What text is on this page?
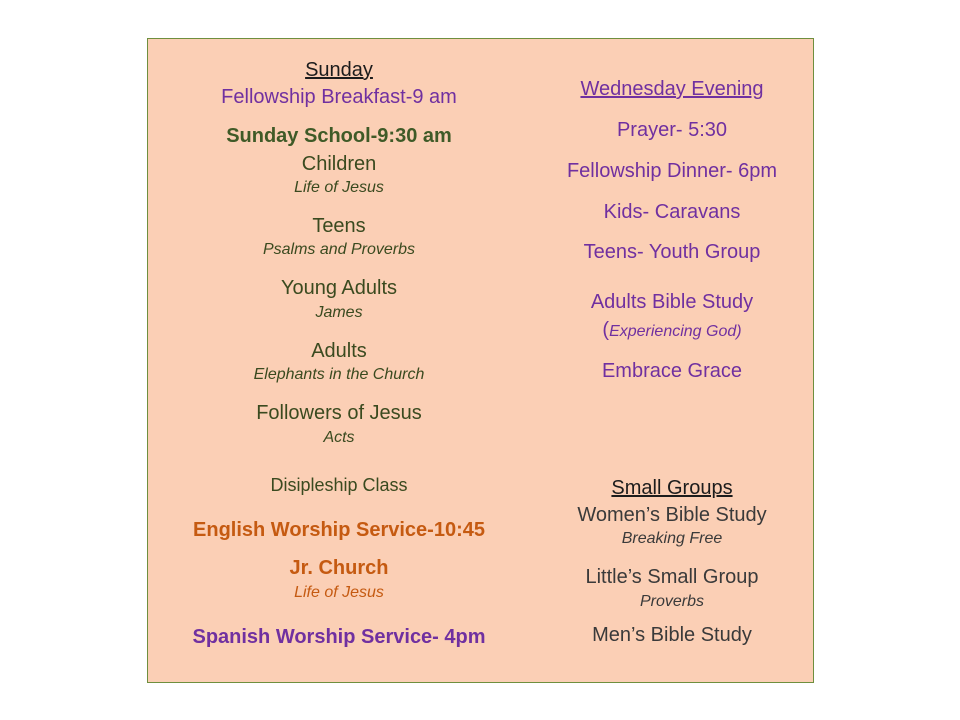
Sunday
Fellowship Breakfast-9 am
Sunday School-9:30 am
Children
Life of Jesus
Teens
Psalms and Proverbs
Young Adults
James
Adults
Elephants in the Church
Followers of Jesus
Acts
Disipleship Class
English Worship Service-10:45
Jr. Church
Life of Jesus
Spanish Worship Service- 4pm
Wednesday Evening
Prayer- 5:30
Fellowship Dinner- 6pm
Kids- Caravans
Teens- Youth Group
Adults Bible Study
(Experiencing God)
Embrace Grace
Small Groups
Women’s Bible Study
Breaking Free
Little’s Small Group
Proverbs
Men’s Bible Study
